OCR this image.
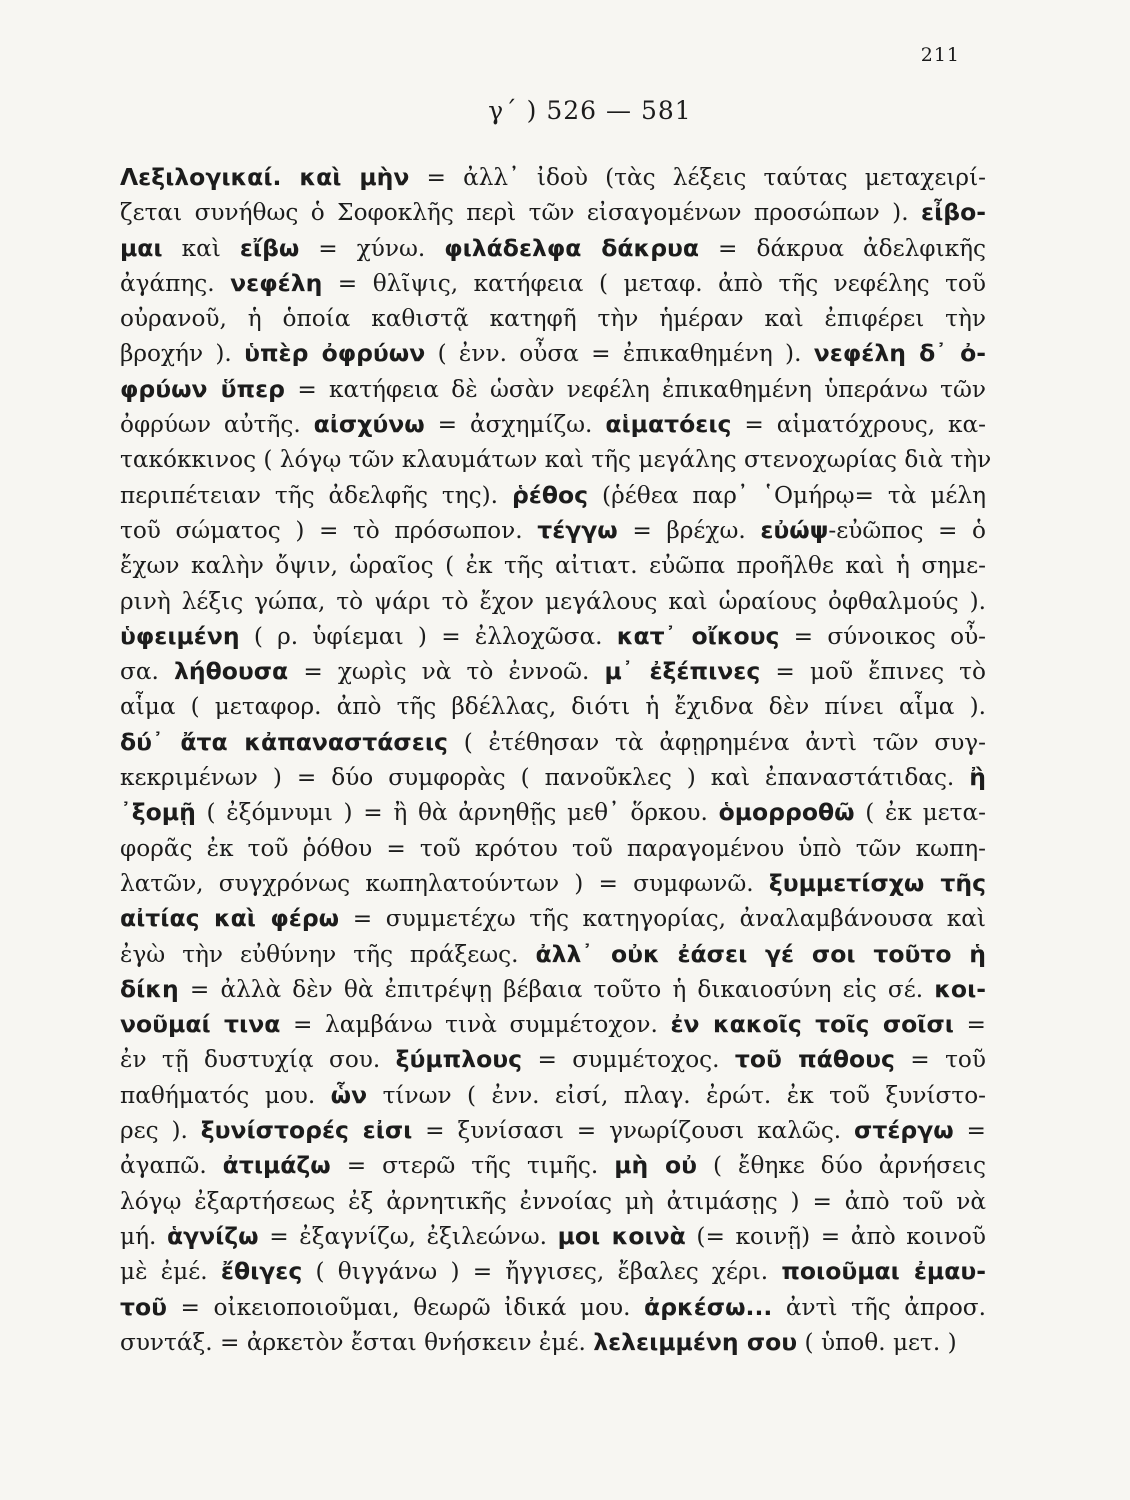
211
γ΄ ) 526 — 581
Λεξιλογικαί. καὶ μὴν = ἀλλ᾽ ἰδοὺ (τὰς λέξεις ταύτας μεταχειρί-
ζεται συνήθως ὁ Σοφοκλῆς περὶ τῶν εἰσαγομένων προσώπων ). εἶβο-
μαι καὶ εἴβω = χύνω. φιλάδελφα δάκρυα = δάκρυα ἀδελφικῆς
ἀγάπης. νεφέλη = θλῖψις, κατήφεια ( μεταφ. ἀπὸ τῆς νεφέλης τοῦ
οὐρανοῦ, ἡ ὁποία καθιστᾷ κατηφῆ τὴν ἡμέραν καὶ ἐπιφέρει τὴν
βροχήν ). ὑπὲρ ὀφρύων ( ἐνν. οὖσα = ἐπικαθημένη ). νεφέλη δ᾽ ὀ-
φρύων ὕπερ = κατήφεια δὲ ὡσὰν νεφέλη ἐπικαθημένη ὑπεράνω τῶν
ὀφρύων αὐτῆς. αἰσχύνω = ἀσχημίζω. αἱματόεις = αἱματόχρους, κα-
τακόκκινος ( λόγῳ τῶν κλαυμάτων καὶ τῆς μεγάλης στενοχωρίας διὰ τὴν
περιπέτειαν τῆς ἀδελφῆς της). ῥέθος (ῥέθεα παρ᾽ ῾Ομήρῳ= τὰ μέλη
τοῦ σώματος ) = τὸ πρόσωπον. τέγγω = βρέχω. εὐώψ-εὐῶπος = ὁ
ἔχων καλὴν ὄψιν, ὡραῖος ( ἐκ τῆς αἰτιατ. εὐῶπα προῆλθε καὶ ἡ σημε-
ρινὴ λέξις γώπα, τὸ ψάρι τὸ ἔχον μεγάλους καὶ ὡραίους ὀφθαλμούς ).
ὑφειμένη ( ρ. ὑφίεμαι ) = ἐλλοχῶσα. κατ᾽ οἴκους = σύνοικος οὖ-
σα. λήθουσα = χωρὶς νὰ τὸ ἐννοῶ. μ᾽ ἐξέπινες = μοῦ ἔπινες τὸ
αἷμα ( μεταφορ. ἀπὸ τῆς βδέλλας, διότι ἡ ἔχιδνα δὲν πίνει αἷμα ).
δύ᾽ ἄτα κἀπαναστάσεις ( ἐτέθησαν τὰ ἀφῃρημένα ἀντὶ τῶν συγ-
κεκριμένων ) = δύο συμφορὰς ( πανοῦκλες ) καὶ ἐπαναστάτιδας. ἢ
᾽ξομῇ ( ἐξόμνυμι ) = ἢ θὰ ἀρνηθῇς μεθ᾽ ὅρκου. ὁμορροθῶ ( ἐκ μετα-
φορᾶς ἐκ τοῦ ῥόθου = τοῦ κρότου τοῦ παραγομένου ὑπὸ τῶν κωπη-
λατῶν, συγχρόνως κωπηλατούντων ) = συμφωνῶ. ξυμμετίσχω τῆς
αἰτίας καὶ φέρω = συμμετέχω τῆς κατηγορίας, ἀναλαμβάνουσα καὶ
ἐγὼ τὴν εὐθύνην τῆς πράξεως. ἀλλ᾽ οὐκ ἐάσει γέ σοι τοῦτο ἡ
δίκη = ἀλλὰ δὲν θὰ ἐπιτρέψῃ βέβαια τοῦτο ἡ δικαιοσύνη εἰς σέ. κοι-
νοῦμαί τινα = λαμβάνω τινὰ συμμέτοχον. ἐν κακοῖς τοῖς σοῖσι =
ἐν τῇ δυστυχίᾳ σου. ξύμπλους = συμμέτοχος. τοῦ πάθους = τοῦ
παθήματός μου. ὧν τίνων ( ἐνν. εἰσί, πλαγ. ἐρώτ. ἐκ τοῦ ξυνίστο-
ρες ). ξυνίστορές εἰσι = ξυνίσασι = γνωρίζουσι καλῶς. στέργω =
ἀγαπῶ. ἀτιμάζω = στερῶ τῆς τιμῆς. μὴ οὐ ( ἔθηκε δύο ἀρνήσεις
λόγῳ ἐξαρτήσεως ἐξ ἀρνητικῆς ἐννοίας μὴ ἀτιμάσῃς ) = ἀπὸ τοῦ νὰ
μή. ἁγνίζω = ἐξαγνίζω, ἐξιλεώνω. μοι κοινὰ (= κοινῇ) = ἀπὸ κοινοῦ
μὲ ἐμέ. ἔθιγες ( θιγγάνω ) = ἤγγισες, ἔβαλες χέρι. ποιοῦμαι ἐμαυ-
τοῦ = οἰκειοποιοῦμαι, θεωρῶ ἰδικά μου. ἀρκέσω... ἀντὶ τῆς ἀπροσ.
συντάξ. = ἀρκετὸν ἔσται θνήσκειν ἐμέ. λελειμμένη σου ( ὑποθ. μετ. )
